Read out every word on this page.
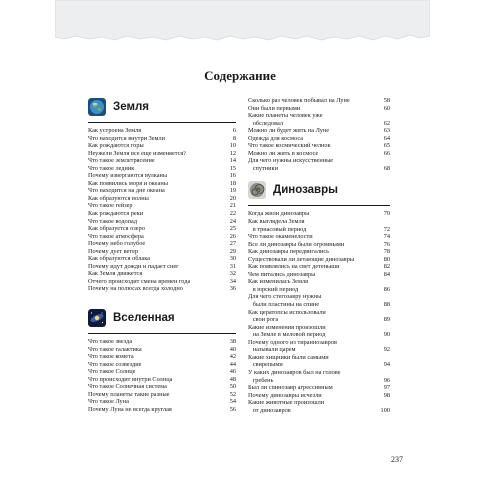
Содержание
Земля
Как устроена Земля	6
Что находится внутри Земли	8
Как рождаются горы	10
Неужели Земля все еще изменяется?	12
Что такое землетрясение	14
Что такое ледник	15
Почему извергаются вулканы	16
Как появились моря и океаны	18
Что находится на дне океана	19
Как образуются волны	20
Что такое гейзер	21
Как рождаются реки	22
Что такое водопад	24
Как образуется озеро	25
Что такое атмосфера	26
Почему небо голубое	27
Почему дует ветер	29
Как образуются облака	30
Почему идут дожди и падает снег	31
Как Земля движется	32
Отчего происходит смена времен года	34
Почему на полюсах всегда холодно	36
Вселенная
Что такое звезда	38
Что такое галактика	40
Что такое комета	42
Что такое созвездие	44
Что такое Солнце	46
Что происходит внутри Солнца	48
Что такое Солнечная система	50
Почему планеты такие разные	52
Что такое Луна	54
Почему Луна не всегда круглая	56
Сколько раз человек побывал на Луне	58
Они были первыми	60
Какие планеты человек уже
обследовал	62
Можно ли будет жить на Луне	63
Одежда для космоса	64
Что такое космический челнок	65
Можно ли жить в космосе	66
Для чего нужны искусственные
спутники	68
Динозавры
Когда жили динозавры	70
Как выглядела Земля
в триасовый период	72
Что такое окаменелости	74
Все ли динозавры были огромными	76
Как динозавры передвигались	78
Существовали ли летающие динозавры	80
Как появлялись на свет детеныши	82
Чем питались динозавры	84
Как изменилась Земля
в юрский период	86
Для чего стегозавру нужны
были пластины на спине	88
Как цератопсы использовали
свои рога	89
Какие изменения произошли
на Земле в меловой период	90
Почему одного из тираннозавров
называли царем	92
Какие хищники были самыми
свирепыми	94
У каких динозавров был на голове
гребень	96
Был ли спинозавр агрессивным	97
Почему динозавры исчезли	98
Какие животные произошли
от динозавров	100
237
